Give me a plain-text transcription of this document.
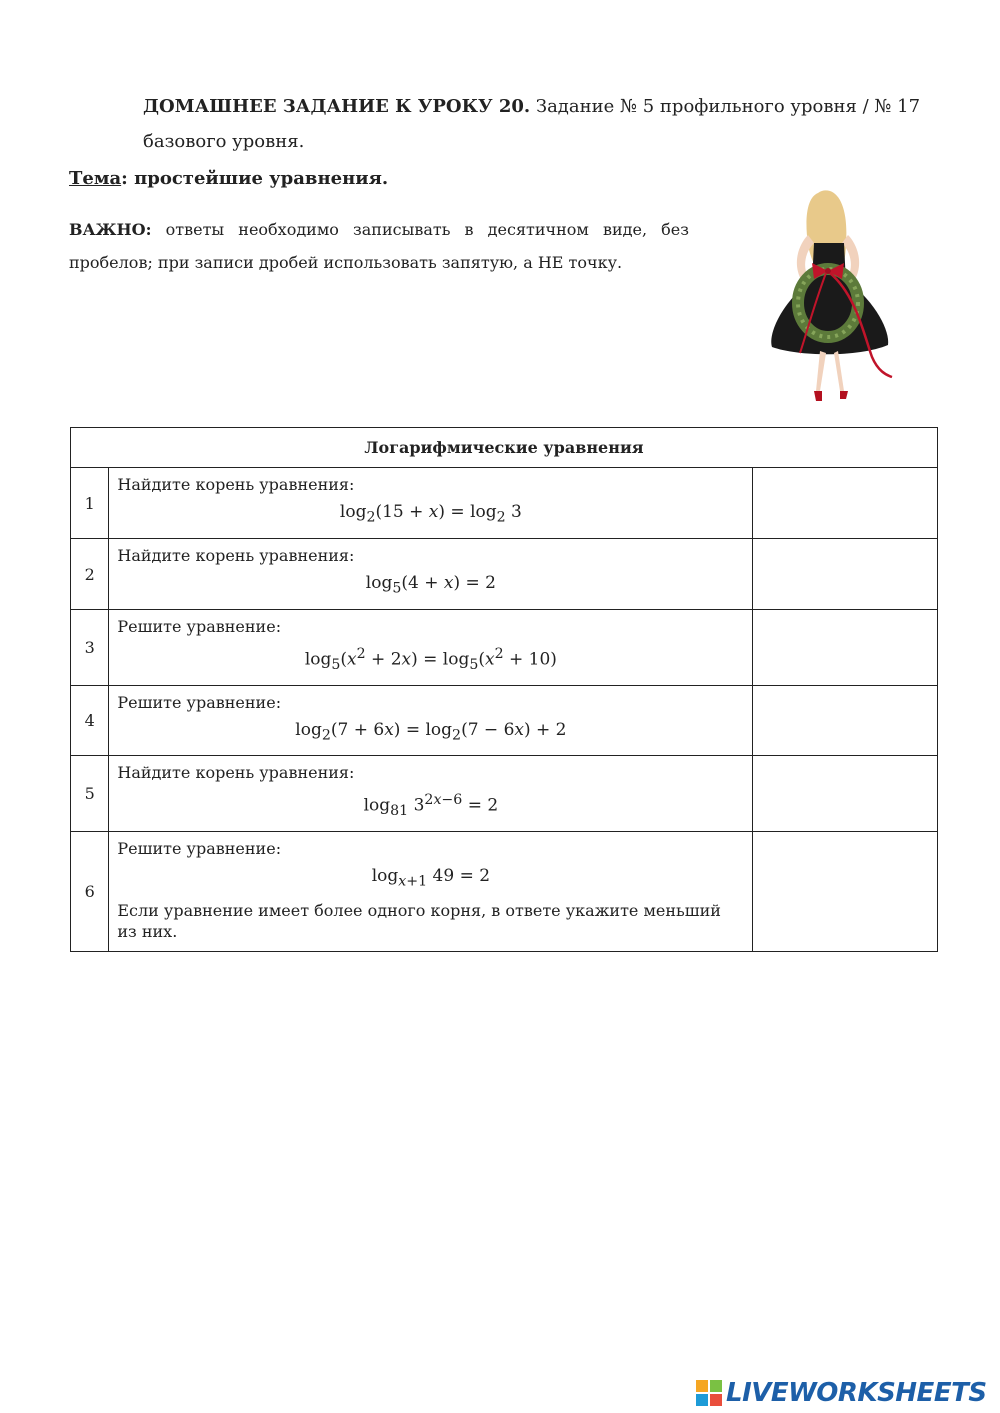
ДОМАШНЕЕ ЗАДАНИЕ К УРОКУ 20. Задание № 5 профильного уровня / № 17
базового уровня.
Тема: простейшие уравнения.
ВАЖНО: ответы необходимо записывать в десятичном виде, без пробелов; при записи дробей использовать запятую, а НЕ точку.
Логарифмические уравнения		
1	Найдите корень уравнения:
$\log_2(15 + x) = \log_2 3$	

2	Найдите корень уравнения:
$\log_5(4 + x) = 2$	

3	Решите уравнение:
$\log_5(x^2 + 2x) = \log_5(x^2 + 10)$	

4	Решите уравнение:
$\log_2(7 + 6x) = \log_2(7 - 6x) + 2$	

5	Найдите корень уравнения:
$\log_{81} 3^{2x-6} = 2$	

6	Решите уравнение:
$\log_{x+1} 49 = 2$
Если уравнение имеет более одного корня, в ответе укажите меньший из них.	

LIVEWORKSHEETS
